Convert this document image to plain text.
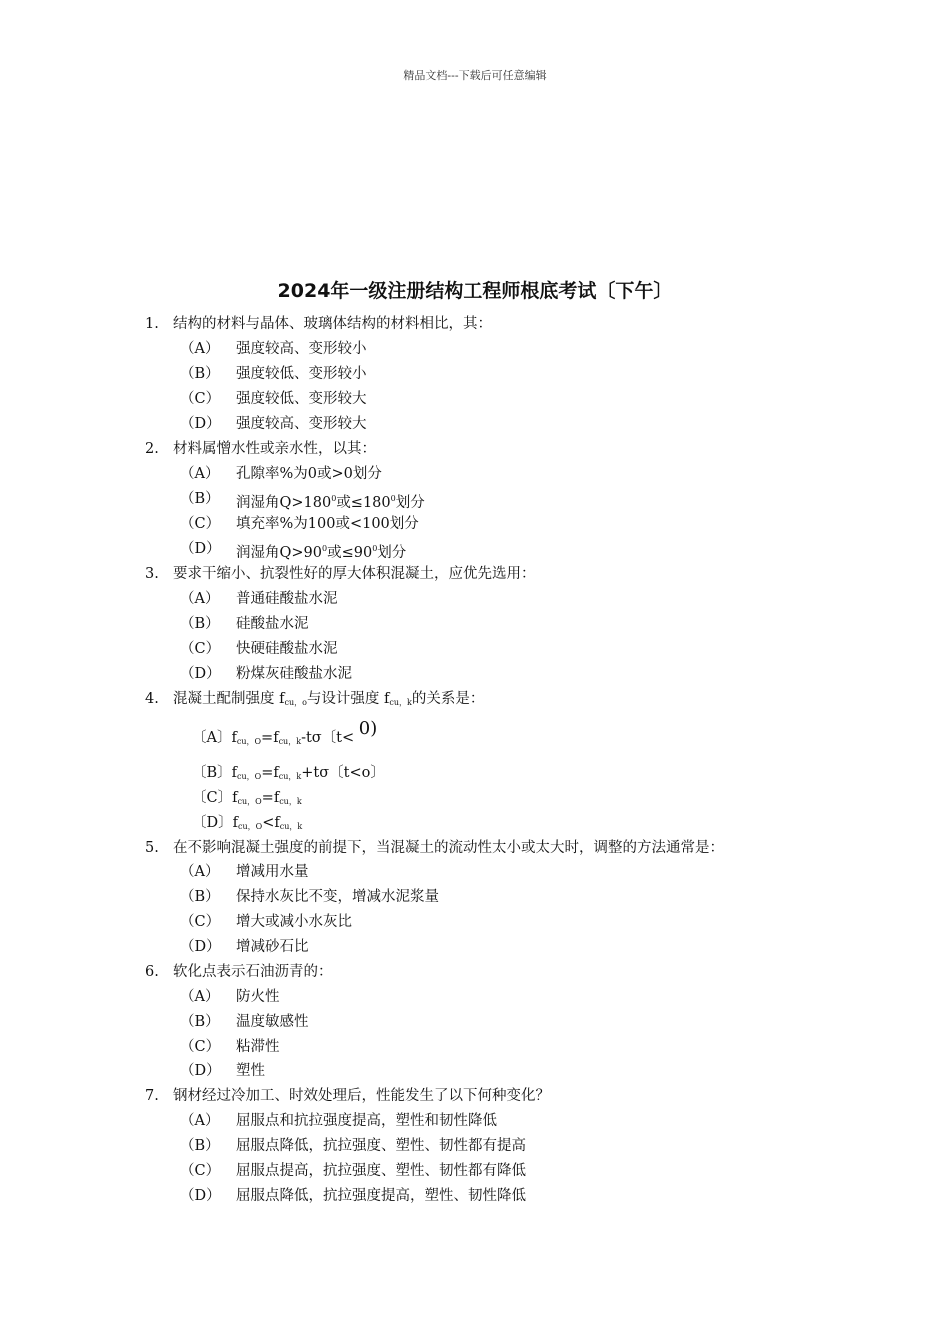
精品文档---下载后可任意编辑
2024年一级注册结构工程师根底考试〔下午〕
1. 结构的材料与晶体、玻璃体结构的材料相比，其：
（A） 强度较高、变形较小
（B） 强度较低、变形较小
（C） 强度较低、变形较大
（D） 强度较高、变形较大
2. 材料属憎水性或亲水性，以其：
（A） 孔隙率%为0或>0划分
（B） 润湿角$Q>180^0$或$\le 180^0$划分
（C） 填充率%为100或<100划分
（D） 润湿角$Q>90^0$或$\le 90^0$划分
3. 要求干缩小、抗裂性好的厚大体积混凝土，应优先选用：
（A） 普通硅酸盐水泥
（B） 硅酸盐水泥
（C） 快硬硅酸盐水泥
（D） 粉煤灰硅酸盐水泥
4. 混凝土配制强度 $f_{cu,o}$与设计强度 $f_{cu,k}$的关系是：
〔A〕$f_{cu,O}=f_{cu,k}-t\sigma$〔t< 0)
〔B〕$f_{cu,O}=f_{cu,k}+t\sigma$〔t<o〕
〔C〕$f_{cu,O}=f_{cu,k}$
〔D〕$f_{cu,O}<f_{cu,k}$
5. 在不影响混凝土强度的前提下，当混凝土的流动性太小或太大时，调整的方法通常是：
（A） 增减用水量
（B） 保持水灰比不变，增减水泥浆量
（C） 增大或减小水灰比
（D） 增减砂石比
6. 软化点表示石油沥青的：
（A） 防火性
（B） 温度敏感性
（C） 粘滞性
（D） 塑性
7. 钢材经过冷加工、时效处理后，性能发生了以下何种变化？
（A） 屈服点和抗拉强度提高，塑性和韧性降低
（B） 屈服点降低，抗拉强度、塑性、韧性都有提高
（C） 屈服点提高，抗拉强度、塑性、韧性都有降低
（D） 屈服点降低，抗拉强度提高，塑性、韧性降低
